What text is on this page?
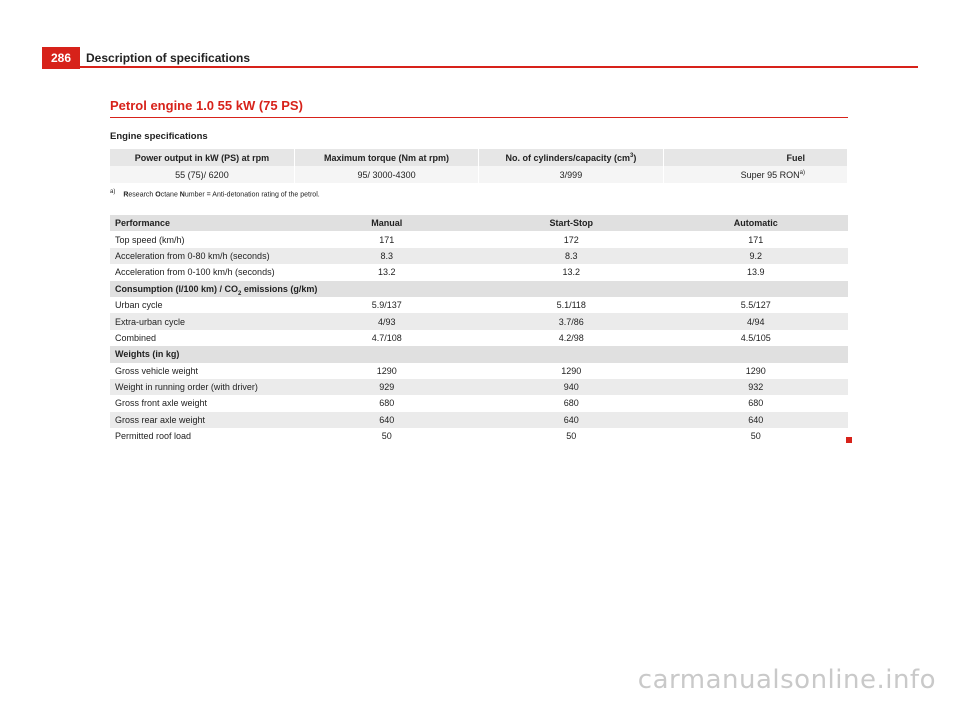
286	Description of specifications
Petrol engine 1.0 55 kW (75 PS)
Engine specifications
Power output in kW (PS) at rpm	Maximum torque (Nm at rpm)	No. of cylinders/capacity $(cm^3)$	Fuel
55 (75)/ 6200	95/ 3000-4300	3/999	Super 95 RON$^{a)}$
a) Research Octane Number = Anti-detonation rating of the petrol.
Performance	Manual	Start-Stop	Automatic
Top speed (km/h)	171	172	171
Acceleration from 0-80 km/h (seconds)	8.3	8.3	9.2
Acceleration from 0-100 km/h (seconds)	13.2	13.2	13.9
Consumption (l/100 $km) / CO_2$ emissions (g/km)			
Urban cycle	5.9/137	5.1/118	5.5/127
Extra-urban cycle	4/93	3.7/86	4/94
Combined	4.7/108	4.2/98	4.5/105
Weights (in kg)			
Gross vehicle weight	1290	1290	1290
Weight in running order (with driver)	929	940	932
Gross front axle weight	680	680	680
Gross rear axle weight	640	640	640
Permitted roof load	50	50	50
carmanualsonline.info
